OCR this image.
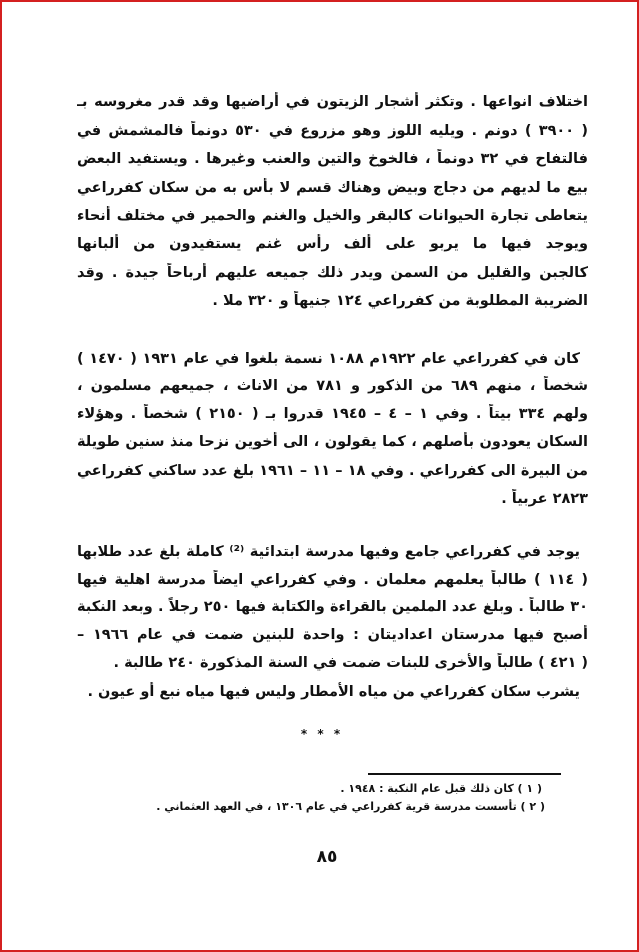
اختلاف انواعها . وتكثر أشجار الزيتون في أراضيها وقد قدر مغروسه بـ
( ٣٩٠٠ ) دونم . ويليه اللوز وهو مزروع في ٥٣٠ دونماً فالمشمش في
فالتفاح في ٣٢ دونماً ، فالخوخ والتين والعنب وغيرها . ويستفيد البعض
بيع ما لديهم من دجاج وبيض وهناك قسم لا بأس به من سكان كفرراعي
يتعاطى تجارة الحيوانات كالبقر والخيل والغنم والحمير في مختلف أنحاء
ويوجد فيها ما يربو على ألف رأس غنم يستفيدون من ألبانها
كالجبن والقليل من السمن ويدر ذلك جميعه عليهم أرباحاً جيدة . وقد
الضريبة المطلوبة من كفرراعي ١٢٤ جنيهاً و ٣٢٠ ملا .
كان في كفرراعي عام ١٩٢٢م ١٠٨٨ نسمة بلغوا في عام ١٩٣١ ( ١٤٧٠ )
شخصاً ، منهم ٦٨٩ من الذكور و ٧٨١ من الاناث ، جميعهم مسلمون ،
ولهم ٣٣٤ بيتاً . وفي ١ – ٤ – ١٩٤٥ قدروا بـ ( ٢١٥٠ ) شخصاً . وهؤلاء
السكان يعودون بأصلهم ، كما يقولون ، الى أخوين نزحا منذ سنين طويلة
من البيرة الى كفرراعي . وفي ١٨ – ١١ – ١٩٦١ بلغ عدد ساكني كفرراعي
٢٨٢٣ عربياً .
يوجد في كفرراعي جامع وفيها مدرسة ابتدائية ⁽²⁾ كاملة بلغ عدد طلابها
( ١١٤ ) طالباً يعلمهم معلمان . وفي كفرراعي ايضاً مدرسة اهلية فيها
٣٠ طالباً . وبلغ عدد الملمين بالقراءة والكتابة فيها ٢٥٠ رجلاً . وبعد النكبة
أصبح فيها مدرستان اعداديتان : واحدة للبنين ضمت في عام ١٩٦٦ –
( ٤٢١ ) طالباً والأخرى للبنات ضمت في السنة المذكورة ٢٤٠ طالبة .
يشرب سكان كفرراعي من مياه الأمطار وليس فيها مياه نبع أو عيون .
* * *
( ١ ) كان ذلك قبل عام النكبة : ١٩٤٨ .
( ٢ ) تأسست مدرسة قرية كفرراعي في عام ١٣٠٦ ، في العهد العثماني .
٨٥
